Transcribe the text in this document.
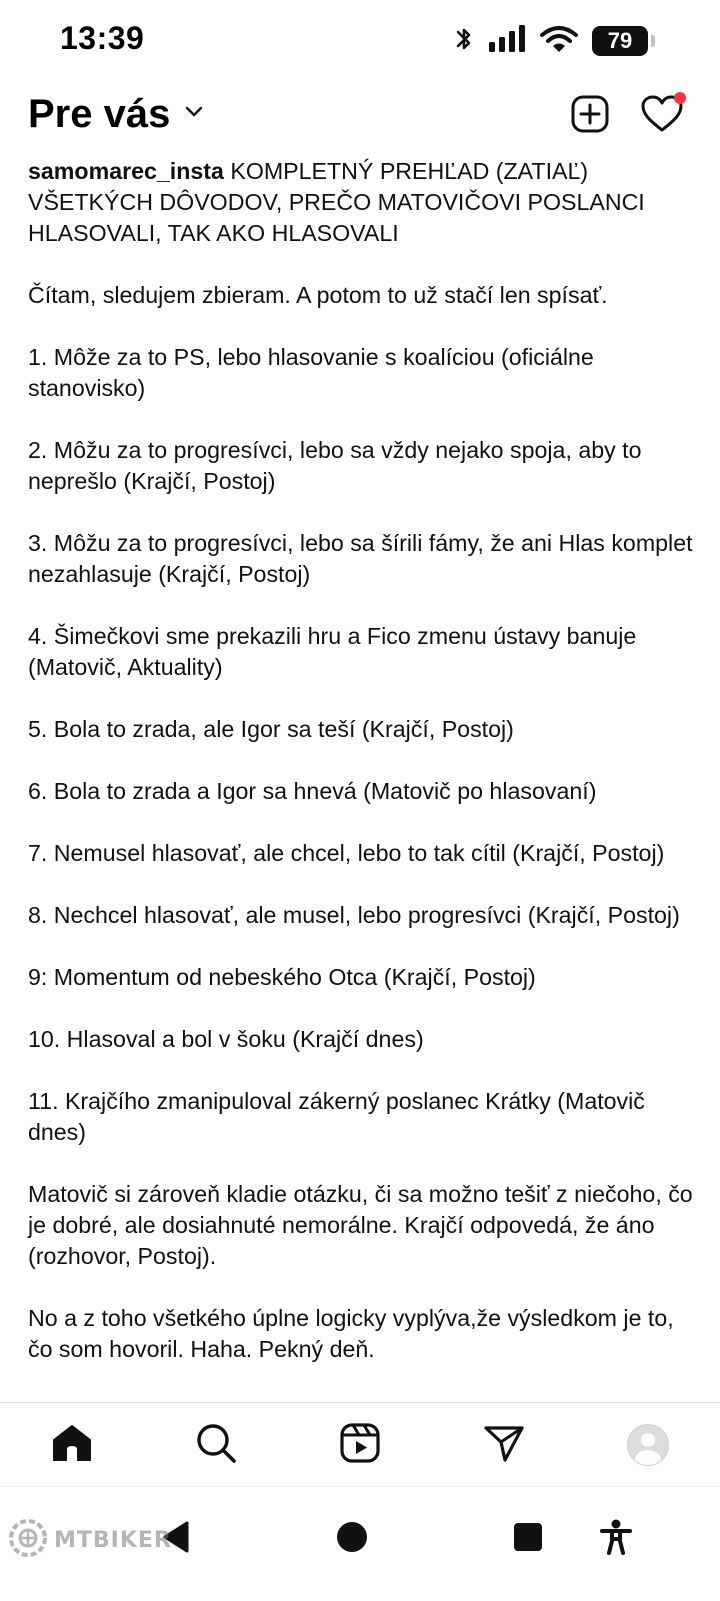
13:39	79
Pre vás

samomarec_insta KOMPLETNÝ PREHĽAD (ZATIAĽ) VŠETKÝCH DÔVODOV, PREČO MATOVIČOVI POSLANCI HLASOVALI, TAK AKO HLASOVALI

Čítam, sledujem zbieram. A potom to už stačí len spísať.

1. Môže za to PS, lebo hlasovanie s koalíciou (oficiálne stanovisko)

2. Môžu za to progresívci, lebo sa vždy nejako spoja, aby to neprešlo (Krajčí, Postoj)

3. Môžu za to progresívci, lebo sa šírili fámy, že ani Hlas komplet nezahlasuje (Krajčí, Postoj)

4. Šimečkovi sme prekazili hru a Fico zmenu ústavy banuje (Matovič, Aktuality)

5. Bola to zrada, ale Igor sa teší (Krajčí, Postoj)

6. Bola to zrada a Igor sa hnevá (Matovič po hlasovaní)

7. Nemusel hlasovať, ale chcel, lebo to tak cítil (Krajčí, Postoj)

8. Nechcel hlasovať, ale musel, lebo progresívci (Krajčí, Postoj)

9: Momentum od nebeského Otca (Krajčí, Postoj)

10. Hlasoval a bol v šoku (Krajčí dnes)

11. Krajčího zmanipuloval zákerný poslanec Krátky (Matovič dnes)

Matovič si zároveň kladie otázku, či sa možno tešiť z niečoho, čo je dobré, ale dosiahnuté nemorálne. Krajčí odpovedá, že áno (rozhovor, Postoj).

No a z toho všetkého úplne logicky vyplýva,že výsledkom je to, čo som hovoril. Haha. Pekný deň.

MTBIKER
